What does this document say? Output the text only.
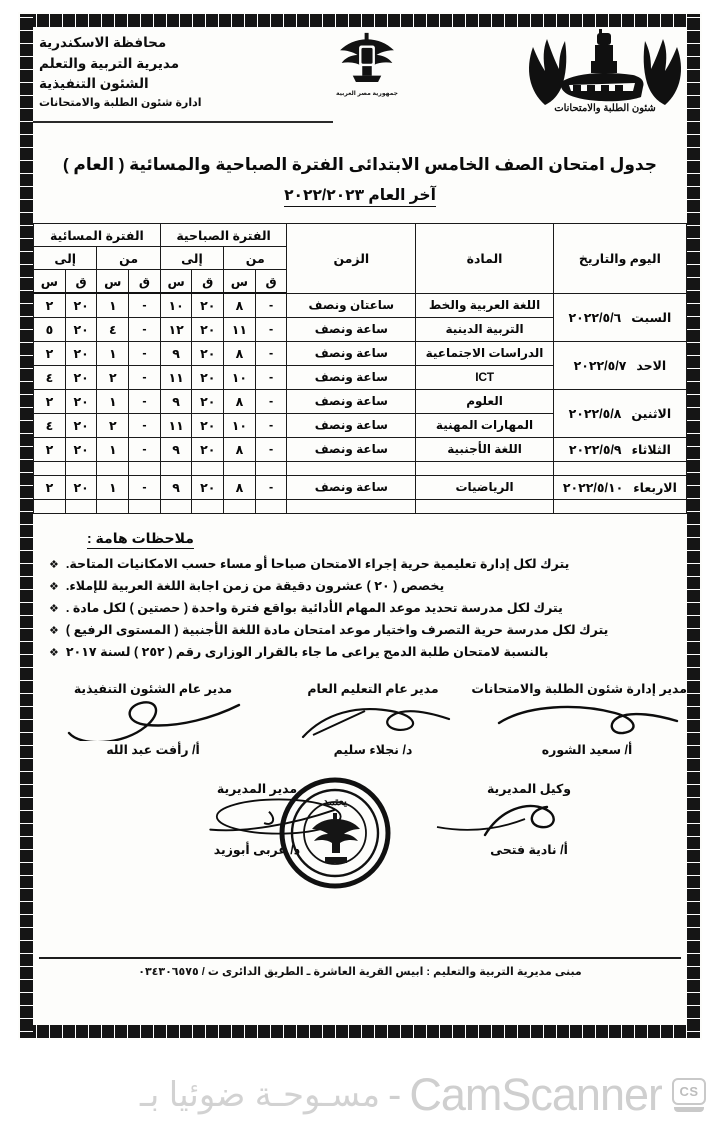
شئون الطلبة والامتحانات
جمهورية مصر العربية
محافظة الاسكندرية
مديرية التربية والتعلم
الشئون التنفيذية
ادارة شئون الطلبة والامتحانات
جدول امتحان الصف الخامس الابتدائى الفترة الصباحية والمسائية ( العام )
آخر العام ٢٠٢٢/٢٠٢٣
اليوم والتاريخ	المادة	الزمن	الفترة الصباحية				الفترة المسائية			
			من		إلى		من		إلى	
			ق	س	ق	س	ق	س	ق	س
السبت٢٠٢٢/٥/٦	اللغة العربية والخط	ساعتان ونصف	-	٨	٢٠	١٠	-	١	٢٠	٢
	التربية الدينية	ساعة ونصف	-	١١	٢٠	١٢	-	٤	٢٠	٥
الاحد٢٠٢٢/٥/٧	الدراسات الاجتماعية	ساعة ونصف	-	٨	٢٠	٩	-	١	٢٠	٢
	ICT	ساعة ونصف	-	١٠	٢٠	١١	-	٢	٢٠	٤
الاثنين٢٠٢٢/٥/٨	العلوم	ساعة ونصف	-	٨	٢٠	٩	-	١	٢٠	٢
	المهارات المهنية	ساعة ونصف	-	١٠	٢٠	١١	-	٢	٢٠	٤
الثلاثاء٢٠٢٢/٥/٩	اللغة الأجنبية	ساعة ونصف	-	٨	٢٠	٩	-	١	٢٠	٢

الاربعاء٢٠٢٢/٥/١٠	الرياضيات	ساعة ونصف	-	٨	٢٠	٩	-	١	٢٠	٢

ملاحظات هامة :
يترك لكل إدارة تعليمية حرية إجراء الامتحان صباحا أو مساء حسب الامكانيات المتاحة.
❖
يخصص ( ٢٠ ) عشرون دقيقة من زمن اجابة اللغة العربية للإملاء.
❖
يترك لكل مدرسة تحديد موعد المهام الأدائية بواقع فترة واحدة ( حصتين ) لكل مادة .
❖
يترك لكل مدرسة حرية التصرف واختيار موعد امتحان مادة اللغة الأجنبية ( المستوى الرفيع )
❖
بالنسبة لامتحان طلبة الدمج يراعى ما جاء بالقرار الوزارى رقم ( ٢٥٢ ) لسنة ٢٠١٧
❖
مدير إدارة شئون الطلبة والامتحانات
أ/ سعيد الشوره
مدير عام التعليم العام
د/ نجلاء سليم
مدير عام الشئون التنفيذية
أ/ رأفت عبد الله
وكيل المديرية
أ/ نادية فتحى
مدير المديرية
د/ عربى أبوزيد
يعتمد
مبنى مديرية التربية والتعليم : ابيس القرية العاشرة ـ الطريق الدائرى ت / ٠٣٤٣٠٦٥٧٥
CS
CamScanner
-
مسـوحـة ضوئيا بـ
